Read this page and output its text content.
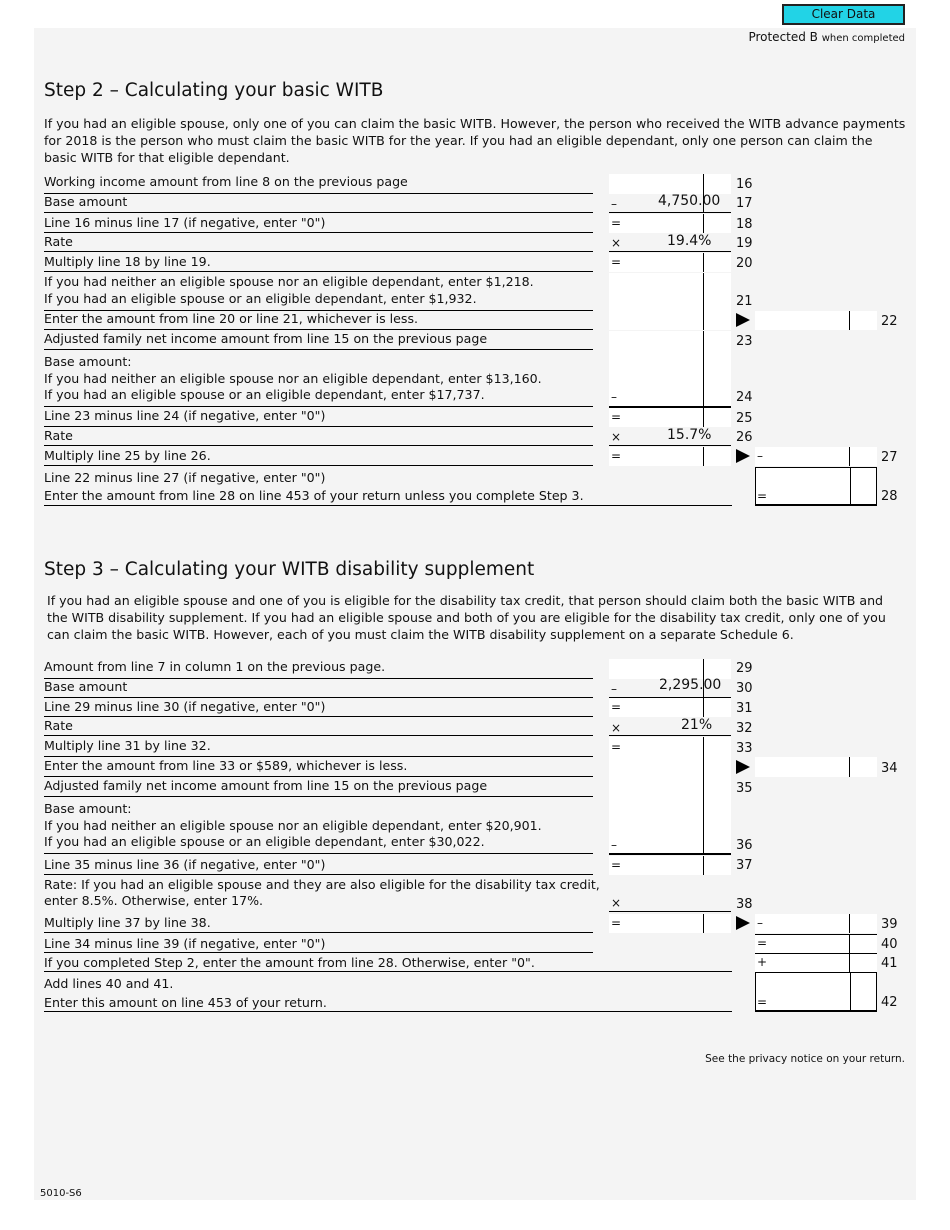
Clear Data
Protected B when completed
Step 2 – Calculating your basic WITB

If you had an eligible spouse, only one of you can claim the basic WITB. However, the person who received the WITB advance payments for 2018 is the person who must claim the basic WITB for the year. If you had an eligible dependant, only one person can claim the basic WITB for that eligible dependant.

Working income amount from line 8 on the previous page	16
Base amount	–	4,750.00 17
Line 16 minus line 17 (if negative, enter "0")	=	18
Rate	×	19.4% 19
Multiply line 18 by line 19.	=	20
If you had neither an eligible spouse nor an eligible dependant, enter $1,218.
If you had an eligible spouse or an eligible dependant, enter $1,932.	21
Enter the amount from line 20 or line 21, whichever is less.	22
Adjusted family net income amount from line 15 on the previous page	23
Base amount:
If you had neither an eligible spouse nor an eligible dependant, enter $13,160.
If you had an eligible spouse or an eligible dependant, enter $17,737.	–	24
Line 23 minus line 24 (if negative, enter "0")	=	25
Rate	×	15.7% 26
Multiply line 25 by line 26.	=	–	27
Line 22 minus line 27 (if negative, enter "0")
Enter the amount from line 28 on line 453 of your return unless you complete Step 3.	=	28
Step 3 – Calculating your WITB disability supplement

If you had an eligible spouse and one of you is eligible for the disability tax credit, that person should claim both the basic WITB and the WITB disability supplement. If you had an eligible spouse and both of you are eligible for the disability tax credit, only one of you can claim the basic WITB. However, each of you must claim the WITB disability supplement on a separate Schedule 6.

Amount from line 7 in column 1 on the previous page.	29
Base amount	–	2,295.00 30
Line 29 minus line 30 (if negative, enter "0")	=	31
Rate	×	21% 32
Multiply line 31 by line 32.	=	33
Enter the amount from line 33 or $589, whichever is less.	34
Adjusted family net income amount from line 15 on the previous page	35
Base amount:
If you had neither an eligible spouse nor an eligible dependant, enter $20,901.
If you had an eligible spouse or an eligible dependant, enter $30,022.	–	36
Line 35 minus line 36 (if negative, enter "0")	=	37
Rate: If you had an eligible spouse and they are also eligible for the disability tax credit,
enter 8.5%. Otherwise, enter 17%.	×	38
Multiply line 37 by line 38.	=	–	39
Line 34 minus line 39 (if negative, enter "0")	=	40
If you completed Step 2, enter the amount from line 28. Otherwise, enter "0".	+	41
Add lines 40 and 41.
Enter this amount on line 453 of your return.	=	42
See the privacy notice on your return.
5010-S6
